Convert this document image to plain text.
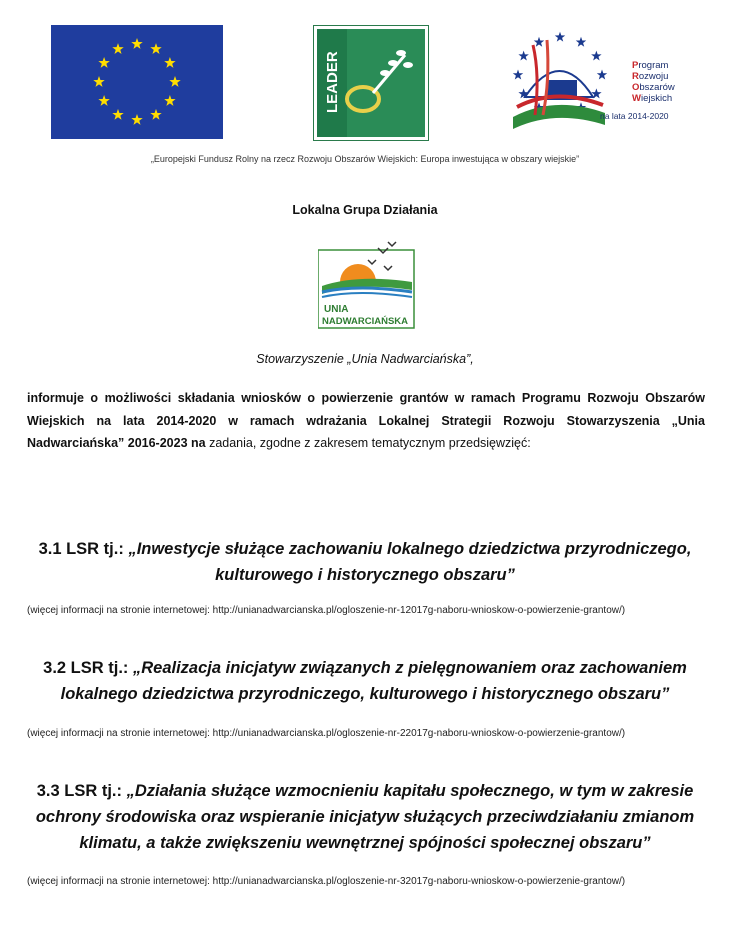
LEADER	Program
Rozwoju
Obszarów
Wiejskich
na lata 2014-2020
„Europejski Fundusz Rolny na rzecz Rozwoju Obszarów Wiejskich: Europa inwestująca w obszary wiejskie”
Lokalna Grupa Działania
UNIA
NADWARCIAŃSKA
Stowarzyszenie „Unia Nadwarciańska”,
informuje o możliwości składania wniosków o powierzenie grantów w ramach Programu Rozwoju Obszarów Wiejskich na lata 2014-2020 w ramach wdrażania Lokalnej Strategii Rozwoju Stowarzyszenia „Unia Nadwarciańska” 2016-2023 na zadania, zgodne z zakresem tematycznym przedsięwzięć:
3.1 LSR tj.: „Inwestycje służące zachowaniu lokalnego dziedzictwa przyrodniczego, kulturowego i historycznego obszaru”
(więcej informacji na stronie internetowej: http://unianadwarcianska.pl/ogloszenie-nr-12017g-naboru-wnioskow-o-powierzenie-grantow/)
3.2 LSR tj.: „Realizacja inicjatyw związanych z pielęgnowaniem oraz zachowaniem lokalnego dziedzictwa przyrodniczego, kulturowego i historycznego obszaru”
(więcej informacji na stronie internetowej: http://unianadwarcianska.pl/ogloszenie-nr-22017g-naboru-wnioskow-o-powierzenie-grantow/)
3.3 LSR tj.: „Działania służące wzmocnieniu kapitału społecznego, w tym w zakresie ochrony środowiska oraz wspieranie inicjatyw służących przeciwdziałaniu zmianom klimatu, a także zwiększeniu wewnętrznej spójności społecznej obszaru”
(więcej informacji na stronie internetowej: http://unianadwarcianska.pl/ogloszenie-nr-32017g-naboru-wnioskow-o-powierzenie-grantow/)
